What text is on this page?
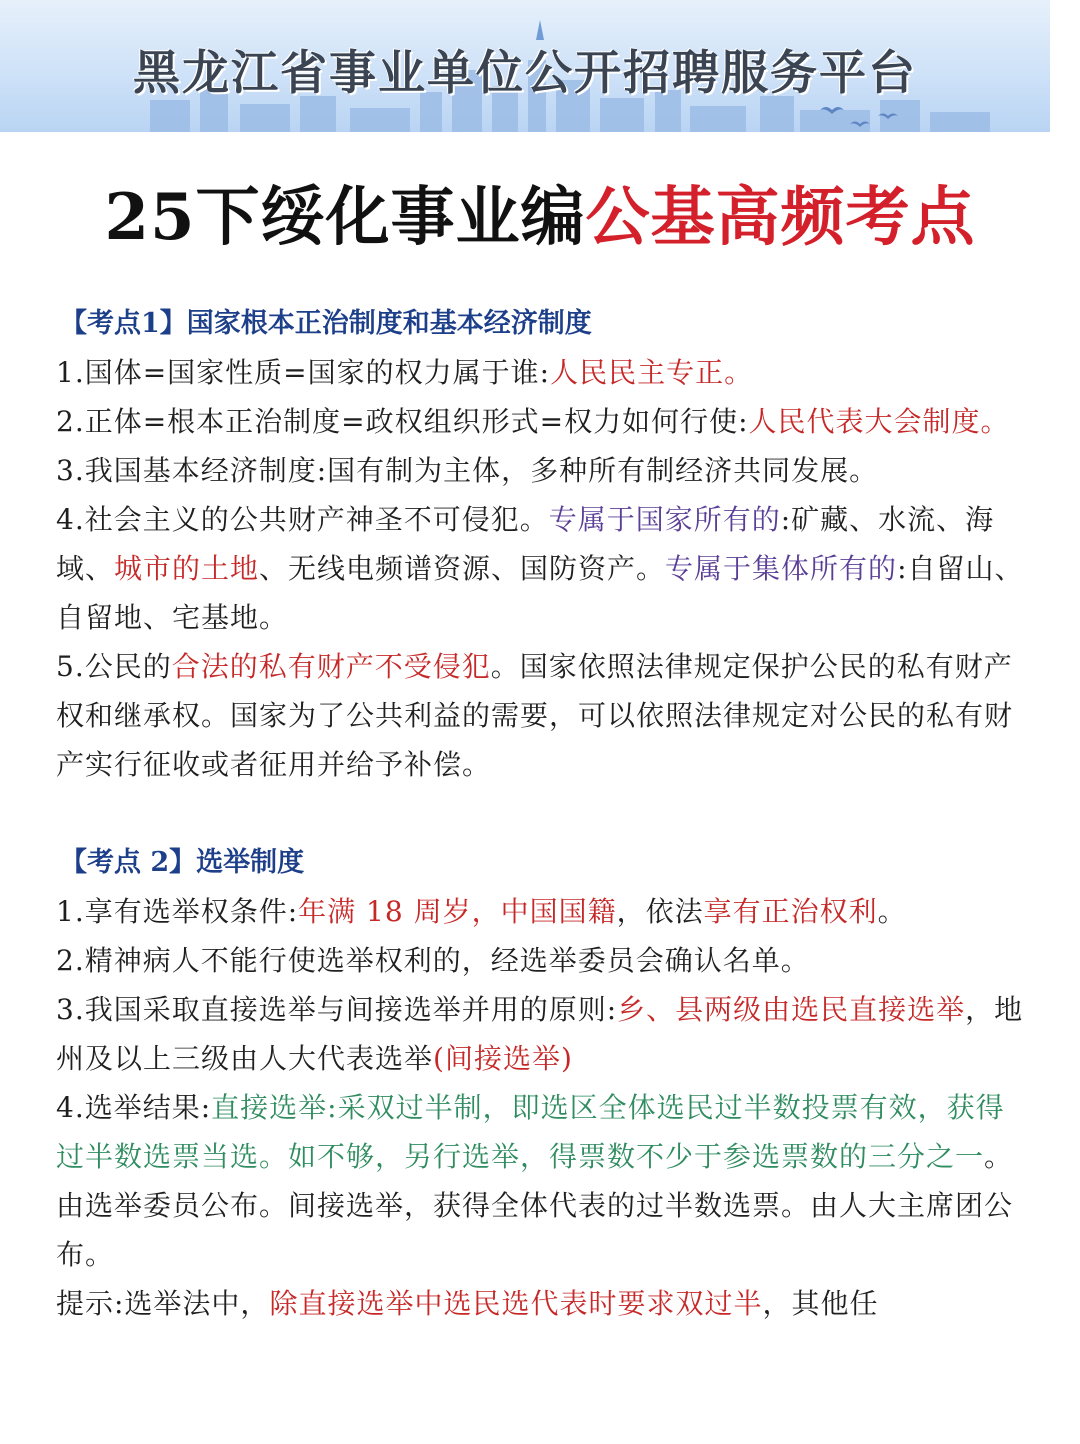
黑龙江省事业单位公开招聘服务平台
25下绥化事业编公基高频考点
【考点1】国家根本正治制度和基本经济制度
1.国体=国家性质=国家的权力属于谁:人民民主专正。
2.正体=根本正治制度=政权组织形式=权力如何行使:人民代表大会制度。
3.我国基本经济制度:国有制为主体，多种所有制经济共同发展。
4.社会主义的公共财产神圣不可侵犯。专属于国家所有的:矿藏、水流、海域、城市的土地、无线电频谱资源、国防资产。专属于集体所有的:自留山、自留地、宅基地。
5.公民的合法的私有财产不受侵犯。国家依照法律规定保护公民的私有财产权和继承权。国家为了公共利益的需要，可以依照法律规定对公民的私有财产实行征收或者征用并给予补偿。
【考点 2】选举制度
1.享有选举权条件:年满 18 周岁，中国国籍，依法享有正治权利。
2.精神病人不能行使选举权利的，经选举委员会确认名单。
3.我国采取直接选举与间接选举并用的原则:乡、县两级由选民直接选举，地州及以上三级由人大代表选举(间接选举)
4.选举结果:直接选举:采双过半制，即选区全体选民过半数投票有效，获得过半数选票当选。如不够，另行选举，得票数不少于参选票数的三分之一。由选举委员公布。间接选举，获得全体代表的过半数选票。由人大主席团公布。
提示:选举法中，除直接选举中选民选代表时要求双过半，其他任
